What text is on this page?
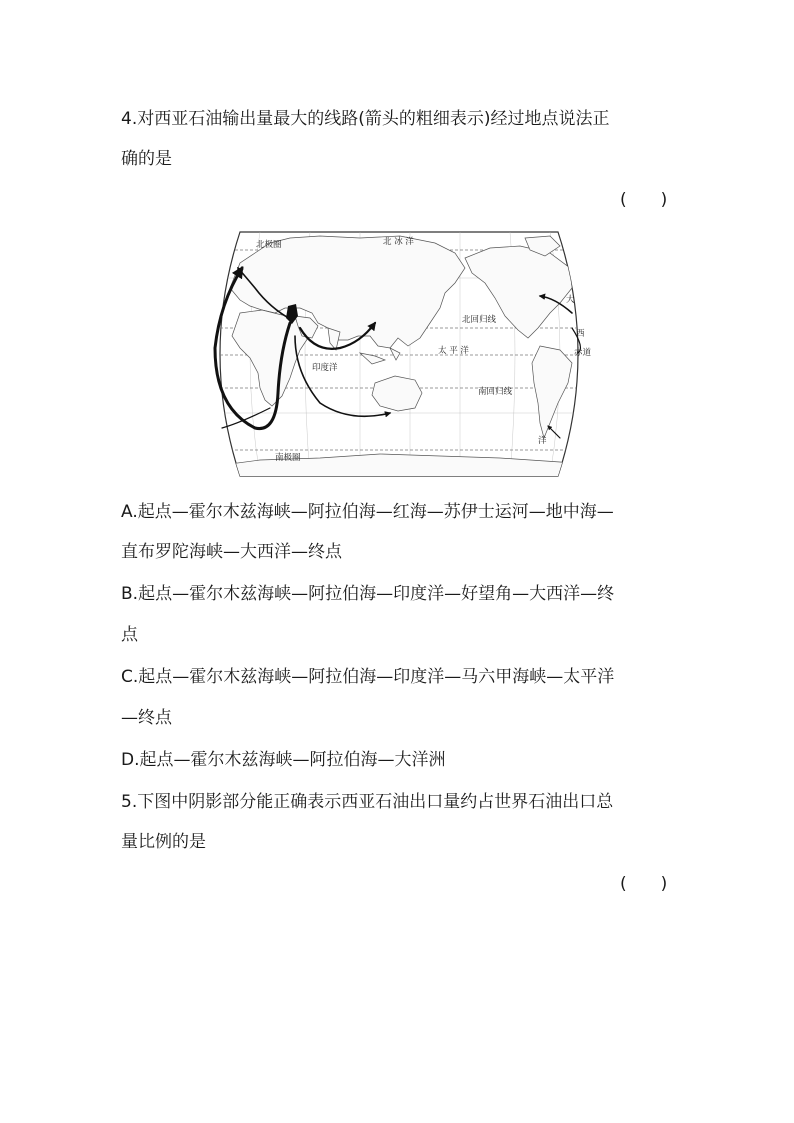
4.对西亚石油输出量最大的线路(箭头的粗细表示)经过地点说法正
确的是
(　　)
北 冰 洋
北极圈
北回归线
太 平 洋
印度洋
南回归线
南极圈
赤道
大
西
洋
A.起点—霍尔木兹海峡—阿拉伯海—红海—苏伊士运河—地中海—
直布罗陀海峡—大西洋—终点
B.起点—霍尔木兹海峡—阿拉伯海—印度洋—好望角—大西洋—终
点
C.起点—霍尔木兹海峡—阿拉伯海—印度洋—马六甲海峡—太平洋
—终点
D.起点—霍尔木兹海峡—阿拉伯海—大洋洲
5.下图中阴影部分能正确表示西亚石油出口量约占世界石油出口总
量比例的是
(　　)
